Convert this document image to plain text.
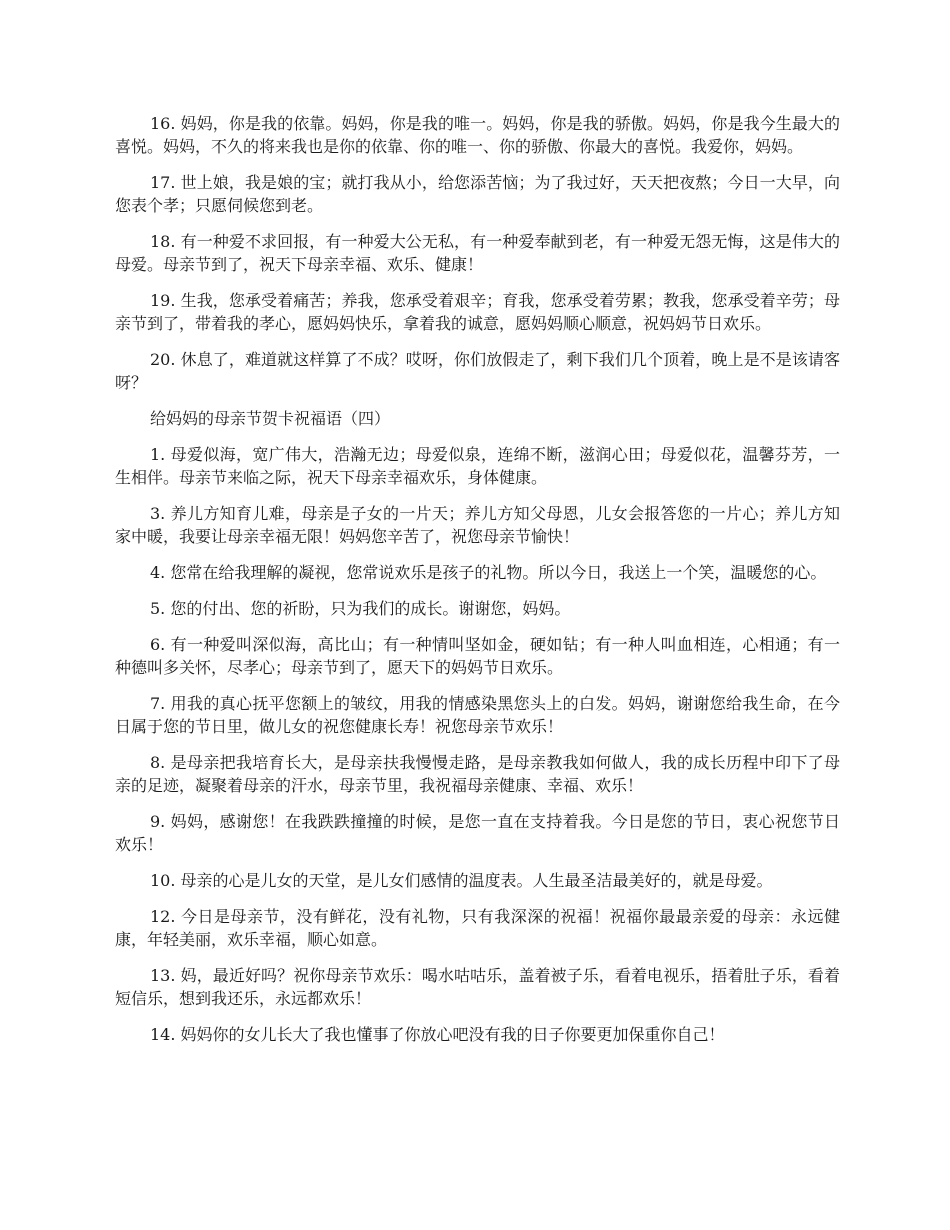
16. 妈妈，你是我的依靠。妈妈，你是我的唯一。妈妈，你是我的骄傲。妈妈，你是我今生最大的喜悦。妈妈，不久的将来我也是你的依靠、你的唯一、你的骄傲、你最大的喜悦。我爱你，妈妈。

17. 世上娘，我是娘的宝；就打我从小，给您添苦恼；为了我过好，天天把夜熬；今日一大早，向您表个孝；只愿伺候您到老。

18. 有一种爱不求回报，有一种爱大公无私，有一种爱奉献到老，有一种爱无怨无悔，这是伟大的母爱。母亲节到了，祝天下母亲幸福、欢乐、健康！

19. 生我，您承受着痛苦；养我，您承受着艰辛；育我，您承受着劳累；教我，您承受着辛劳；母亲节到了，带着我的孝心，愿妈妈快乐，拿着我的诚意，愿妈妈顺心顺意，祝妈妈节日欢乐。

20. 休息了，难道就这样算了不成？哎呀，你们放假走了，剩下我们几个顶着，晚上是不是该请客呀？

给妈妈的母亲节贺卡祝福语（四）

1. 母爱似海，宽广伟大，浩瀚无边；母爱似泉，连绵不断，滋润心田；母爱似花，温馨芬芳，一生相伴。母亲节来临之际，祝天下母亲幸福欢乐，身体健康。

3. 养儿方知育儿难，母亲是子女的一片天；养儿方知父母恩，儿女会报答您的一片心；养儿方知家中暖，我要让母亲幸福无限！妈妈您辛苦了，祝您母亲节愉快！

4. 您常在给我理解的凝视，您常说欢乐是孩子的礼物。所以今日，我送上一个笑，温暖您的心。

5. 您的付出、您的祈盼，只为我们的成长。谢谢您，妈妈。

6. 有一种爱叫深似海，高比山；有一种情叫坚如金，硬如钻；有一种人叫血相连，心相通；有一种德叫多关怀，尽孝心；母亲节到了，愿天下的妈妈节日欢乐。

7. 用我的真心抚平您额上的皱纹，用我的情感染黑您头上的白发。妈妈，谢谢您给我生命，在今日属于您的节日里，做儿女的祝您健康长寿！祝您母亲节欢乐！

8. 是母亲把我培育长大，是母亲扶我慢慢走路，是母亲教我如何做人，我的成长历程中印下了母亲的足迹，凝聚着母亲的汗水，母亲节里，我祝福母亲健康、幸福、欢乐！

9. 妈妈，感谢您！在我跌跌撞撞的时候，是您一直在支持着我。今日是您的节日，衷心祝您节日欢乐！

10. 母亲的心是儿女的天堂，是儿女们感情的温度表。人生最圣洁最美好的，就是母爱。

12. 今日是母亲节，没有鲜花，没有礼物，只有我深深的祝福！祝福你最最亲爱的母亲：永远健康，年轻美丽，欢乐幸福，顺心如意。

13. 妈，最近好吗？祝你母亲节欢乐：喝水咕咕乐，盖着被子乐，看着电视乐，捂着肚子乐，看着短信乐，想到我还乐，永远都欢乐！

14. 妈妈你的女儿长大了我也懂事了你放心吧没有我的日子你要更加保重你自己！
